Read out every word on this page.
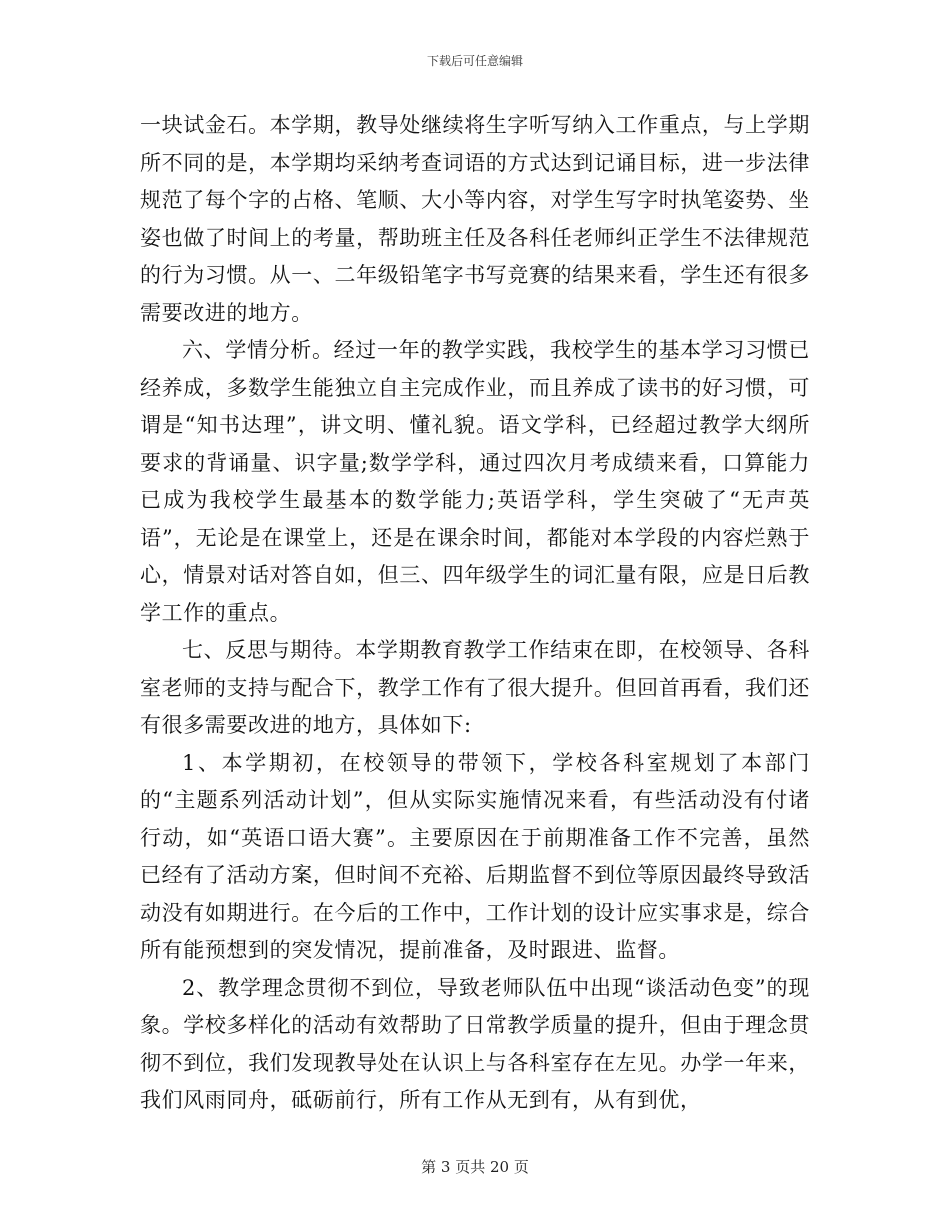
下载后可任意编辑

一块试金石。本学期，教导处继续将生字听写纳入工作重点，与上学期所不同的是，本学期均采纳考查词语的方式达到记诵目标，进一步法律规范了每个字的占格、笔顺、大小等内容，对学生写字时执笔姿势、坐姿也做了时间上的考量，帮助班主任及各科任老师纠正学生不法律规范的行为习惯。从一、二年级铅笔字书写竞赛的结果来看，学生还有很多需要改进的地方。

六、学情分析。经过一年的教学实践，我校学生的基本学习习惯已经养成，多数学生能独立自主完成作业，而且养成了读书的好习惯，可谓是“知书达理”，讲文明、懂礼貌。语文学科，已经超过教学大纲所要求的背诵量、识字量;数学学科，通过四次月考成绩来看，口算能力已成为我校学生最基本的数学能力;英语学科，学生突破了“无声英语”，无论是在课堂上，还是在课余时间，都能对本学段的内容烂熟于心，情景对话对答自如，但三、四年级学生的词汇量有限，应是日后教学工作的重点。

七、反思与期待。本学期教育教学工作结束在即，在校领导、各科室老师的支持与配合下，教学工作有了很大提升。但回首再看，我们还有很多需要改进的地方，具体如下:

1、本学期初，在校领导的带领下，学校各科室规划了本部门的“主题系列活动计划”，但从实际实施情况来看，有些活动没有付诸行动，如“英语口语大赛”。主要原因在于前期准备工作不完善，虽然已经有了活动方案，但时间不充裕、后期监督不到位等原因最终导致活动没有如期进行。在今后的工作中，工作计划的设计应实事求是，综合所有能预想到的突发情况，提前准备，及时跟进、监督。

2、教学理念贯彻不到位，导致老师队伍中出现“谈活动色变”的现象。学校多样化的活动有效帮助了日常教学质量的提升，但由于理念贯彻不到位，我们发现教导处在认识上与各科室存在左见。办学一年来，我们风雨同舟，砥砺前行，所有工作从无到有，从有到优，

第 3 页共 20 页
